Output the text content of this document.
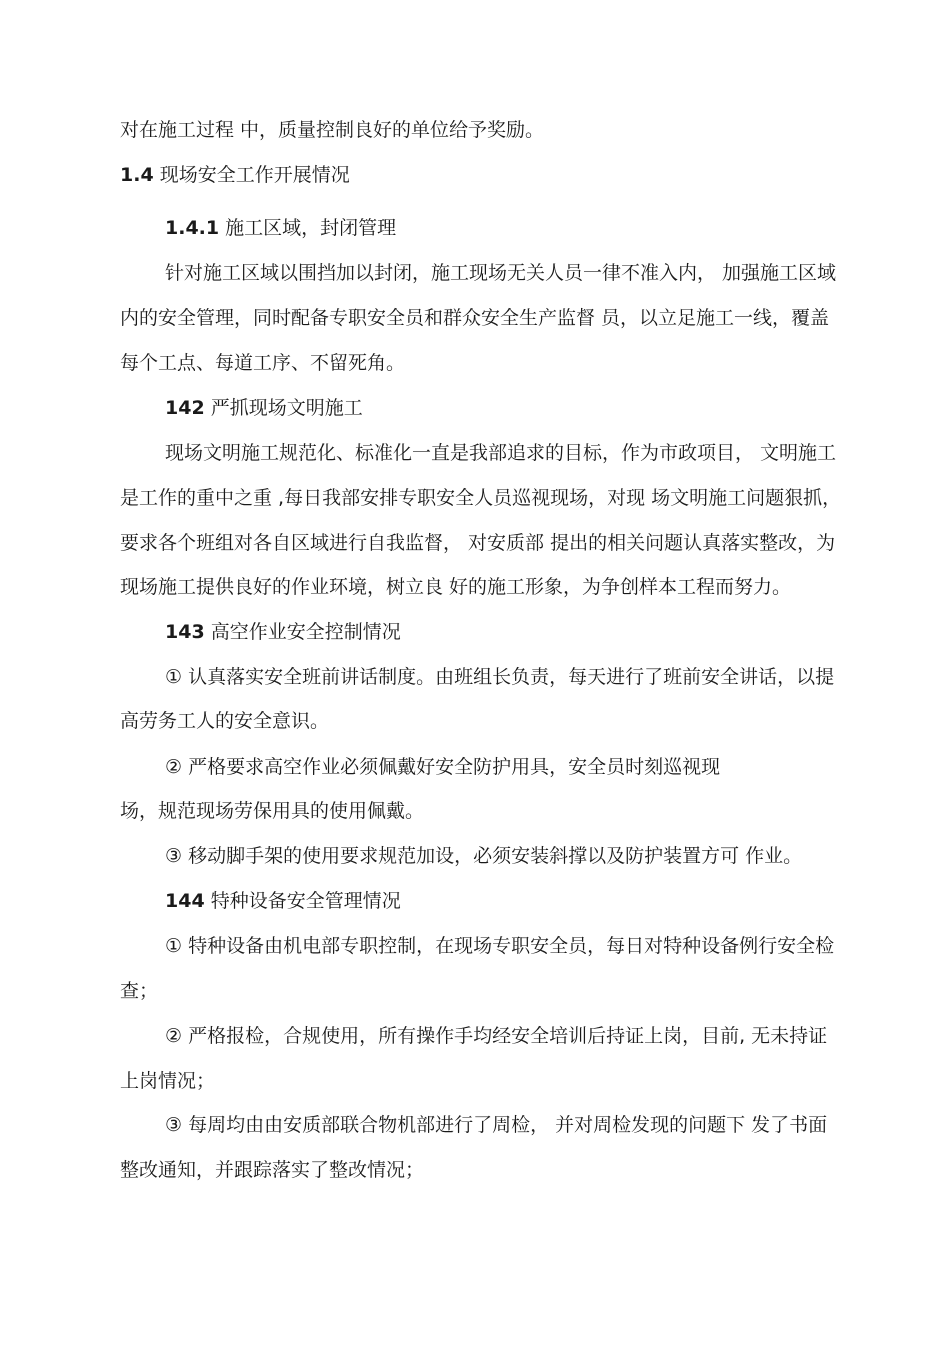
对在施工过程 中，质量控制良好的单位给予奖励。
1.4 现场安全工作开展情况
1.4.1 施工区域，封闭管理
针对施工区域以围挡加以封闭，施工现场无关人员一律不准入内， 加强施工区域
内的安全管理，同时配备专职安全员和群众安全生产监督 员，以立足施工一线，覆盖
每个工点、每道工序、不留死角。
142 严抓现场文明施工
现场文明施工规范化、标准化一直是我部追求的目标，作为市政项目， 文明施工
是工作的重中之重 ,每日我部安排专职安全人员巡视现场，对现 场文明施工问题狠抓，
要求各个班组对各自区域进行自我监督， 对安质部 提出的相关问题认真落实整改，为
现场施工提供良好的作业环境，树立良 好的施工形象，为争创样本工程而努力。
143 高空作业安全控制情况
① 认真落实安全班前讲话制度。由班组长负责，每天进行了班前安全讲话，以提
高劳务工人的安全意识。
② 严格要求高空作业必须佩戴好安全防护用具，安全员时刻巡视现
场，规范现场劳保用具的使用佩戴。
③ 移动脚手架的使用要求规范加设，必须安装斜撑以及防护装置方可 作业。
144 特种设备安全管理情况
① 特种设备由机电部专职控制，在现场专职安全员，每日对特种设备例行安全检
查；
② 严格报检，合规使用，所有操作手均经安全培训后持证上岗，目前, 无未持证
上岗情况；
③ 每周均由由安质部联合物机部进行了周检， 并对周检发现的问题下 发了书面
整改通知，并跟踪落实了整改情况；
